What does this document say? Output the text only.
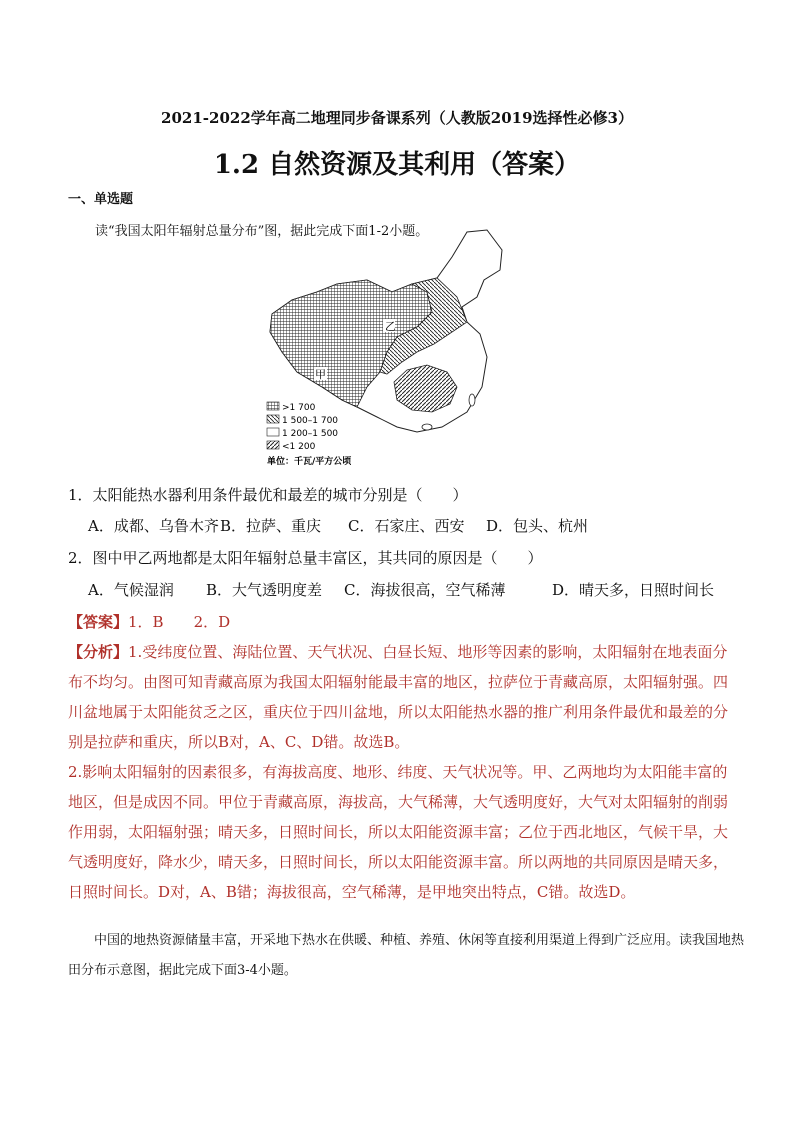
2021-2022学年高二地理同步备课系列（人教版2019选择性必修3）
1.2 自然资源及其利用（答案）
一、单选题
读“我国太阳年辐射总量分布”图，据此完成下面1-2小题。
乙
甲
>1 700
1 500–1 700
1 200–1 500
<1 200
单位：千瓦/平方公顷
1．太阳能热水器利用条件最优和最差的城市分别是（　　）
A．成都、乌鲁木齐 B．拉萨、重庆 C．石家庄、西安 D．包头、杭州
2．图中甲乙两地都是太阳年辐射总量丰富区，其共同的原因是（　　）
A．气候湿润 B．大气透明度差 C．海拔很高，空气稀薄	D．晴天多，日照时间长
【答案】1．B　　2．D

【分析】1.受纬度位置、海陆位置、天气状况、白昼长短、地形等因素的影响，太阳辐射在地表面分布不均匀。由图可知青藏高原为我国太阳辐射能最丰富的地区，拉萨位于青藏高原，太阳辐射强。四川盆地属于太阳能贫乏之区，重庆位于四川盆地，所以太阳能热水器的推广利用条件最优和最差的分别是拉萨和重庆，所以B对，A、C、D错。故选B。

2.影响太阳辐射的因素很多，有海拔高度、地形、纬度、天气状况等。甲、乙两地均为太阳能丰富的地区，但是成因不同。甲位于青藏高原，海拔高，大气稀薄，大气透明度好，大气对太阳辐射的削弱作用弱，太阳辐射强；晴天多，日照时间长，所以太阳能资源丰富；乙位于西北地区，气候干旱，大气透明度好，降水少，晴天多，日照时间长，所以太阳能资源丰富。所以两地的共同原因是晴天多，日照时间长。D对，A、B错；海拔很高，空气稀薄，是甲地突出特点，C错。故选D。

中国的地热资源储量丰富，开采地下热水在供暖、种植、养殖、休闲等直接利用渠道上得到广泛应用。读我国地热田分布示意图，据此完成下面3-4小题。
